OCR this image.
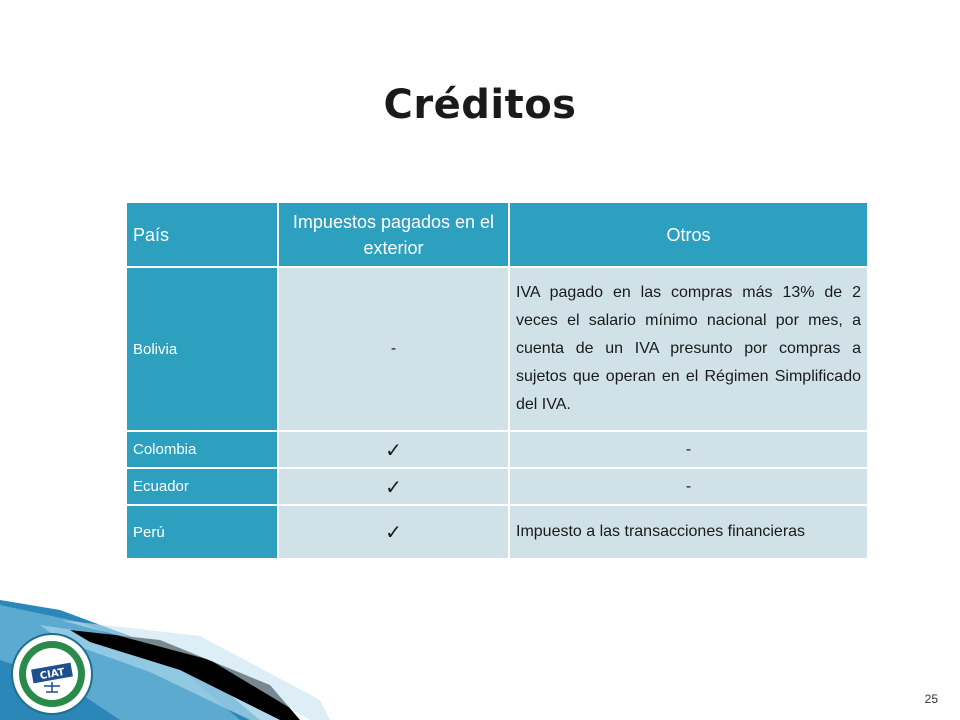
Créditos
País	Impuestos pagados en el exterior	Otros
Bolivia	-	IVA pagado en las compras más 13% de 2 veces el salario mínimo nacional por mes, a cuenta de un IVA presunto por compras a sujetos que operan en el Régimen Simplificado del IVA.
Colombia	✓	-
Ecuador	✓	-
Perú	✓	Impuesto a las transacciones financieras
CIAT
25
